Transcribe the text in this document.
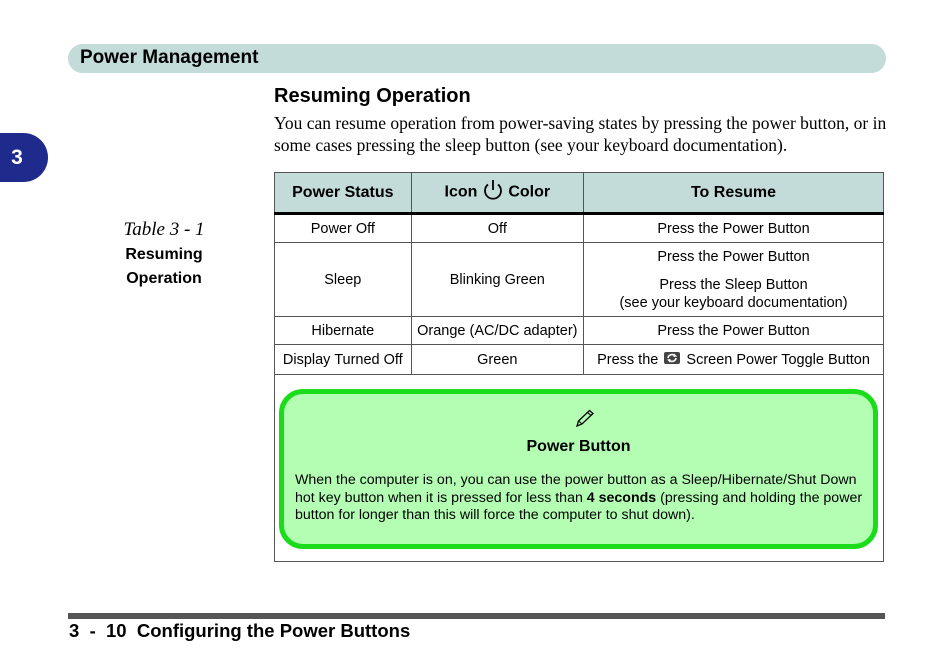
Power Management
3
Resuming Operation
You can resume operation from power-saving states by pressing the power button, or in some cases pressing the sleep button (see your keyboard documentation).
Table 3 - 1
Resuming
Operation
Power Status	Icon Color	To Resume
Power Off	Off	Press the Power Button
Sleep	Blinking Green	Press the Power Button
Press the Sleep Button
(see your keyboard documentation)

Hibernate	Orange (AC/DC adapter)	Press the Power Button
Display Turned Off	Green	Press the Screen Power Toggle Button

Power Button
When the computer is on, you can use the power button as a Sleep/Hibernate/Shut Down hot key button when it is pressed for less than 4 seconds (pressing and holding the power button for longer than this will force the computer to shut down).
3  -  10  Configuring the Power Buttons
